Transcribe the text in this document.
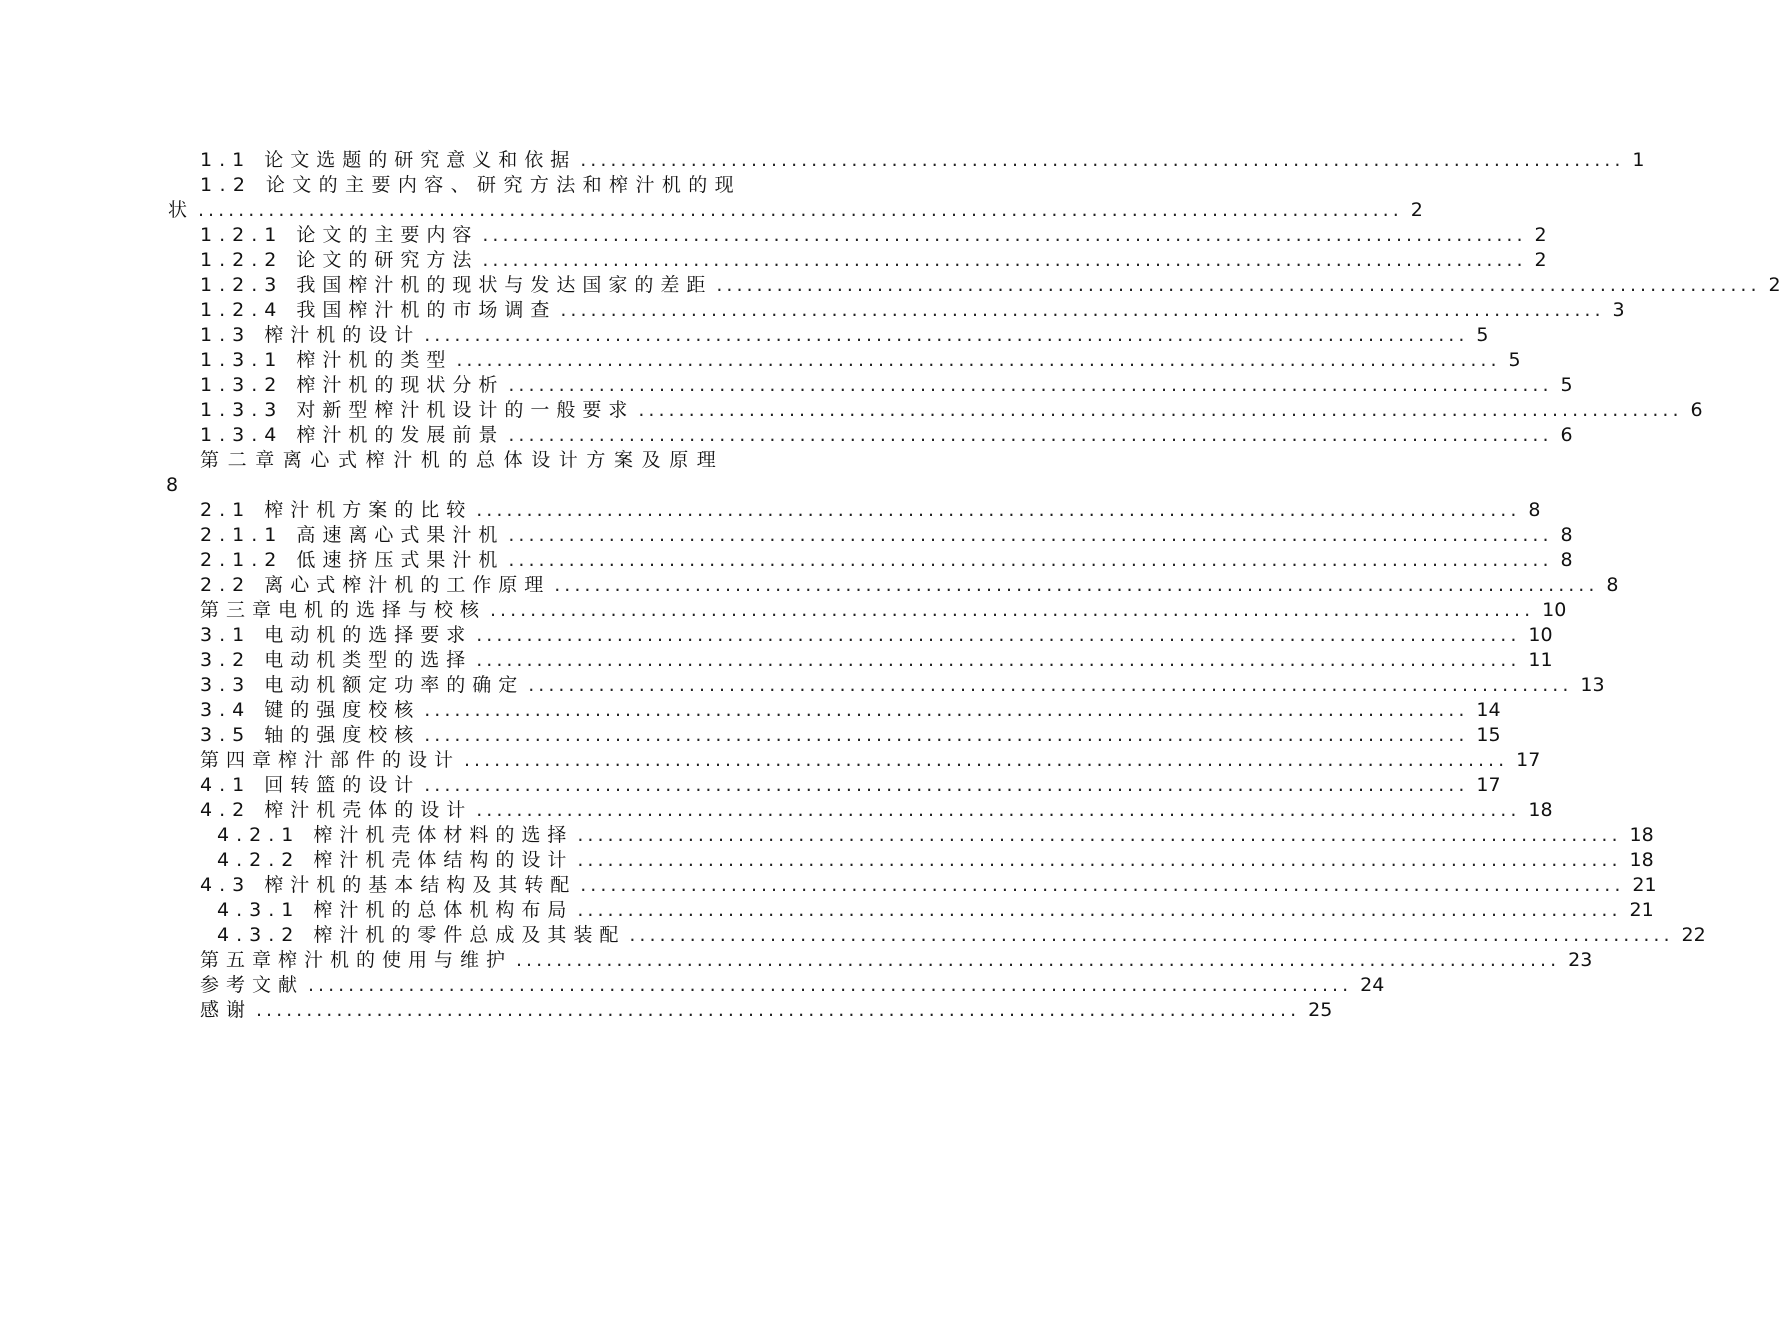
1.1 论文选题的研究意义和依据 ........................................................................................................ 1
1.2 论文的主要内容、研究方法和榨汁机的现
状 ........................................................................................................................ 2
1.2.1 论文的主要内容 ........................................................................................................ 2
1.2.2 论文的研究方法 ........................................................................................................ 2
1.2.3 我国榨汁机的现状与发达国家的差距 ........................................................................................................ 2
1.2.4 我国榨汁机的市场调查 ........................................................................................................ 3
1.3 榨汁机的设计 ........................................................................................................ 5
1.3.1 榨汁机的类型 ........................................................................................................ 5
1.3.2 榨汁机的现状分析 ........................................................................................................ 5
1.3.3 对新型榨汁机设计的一般要求 ........................................................................................................ 6
1.3.4 榨汁机的发展前景 ........................................................................................................ 6
第二章离心式榨汁机的总体设计方案及原理
8
2.1 榨汁机方案的比较 ........................................................................................................ 8
2.1.1 高速离心式果汁机 ........................................................................................................ 8
2.1.2 低速挤压式果汁机 ........................................................................................................ 8
2.2 离心式榨汁机的工作原理 ........................................................................................................ 8
第三章电机的选择与校核 ........................................................................................................ 10
3.1 电动机的选择要求 ........................................................................................................ 10
3.2 电动机类型的选择 ........................................................................................................ 11
3.3 电动机额定功率的确定 ........................................................................................................ 13
3.4 键的强度校核 ........................................................................................................ 14
3.5 轴的强度校核 ........................................................................................................ 15
第四章榨汁部件的设计 ........................................................................................................ 17
4.1 回转篮的设计 ........................................................................................................ 17
4.2 榨汁机壳体的设计 ........................................................................................................ 18
4.2.1 榨汁机壳体材料的选择 ........................................................................................................ 18
4.2.2 榨汁机壳体结构的设计 ........................................................................................................ 18
4.3 榨汁机的基本结构及其转配 ........................................................................................................ 21
4.3.1 榨汁机的总体机构布局 ........................................................................................................ 21
4.3.2 榨汁机的零件总成及其装配 ........................................................................................................ 22
第五章榨汁机的使用与维护 ........................................................................................................ 23
参考文献 ........................................................................................................ 24
感谢 ........................................................................................................ 25
